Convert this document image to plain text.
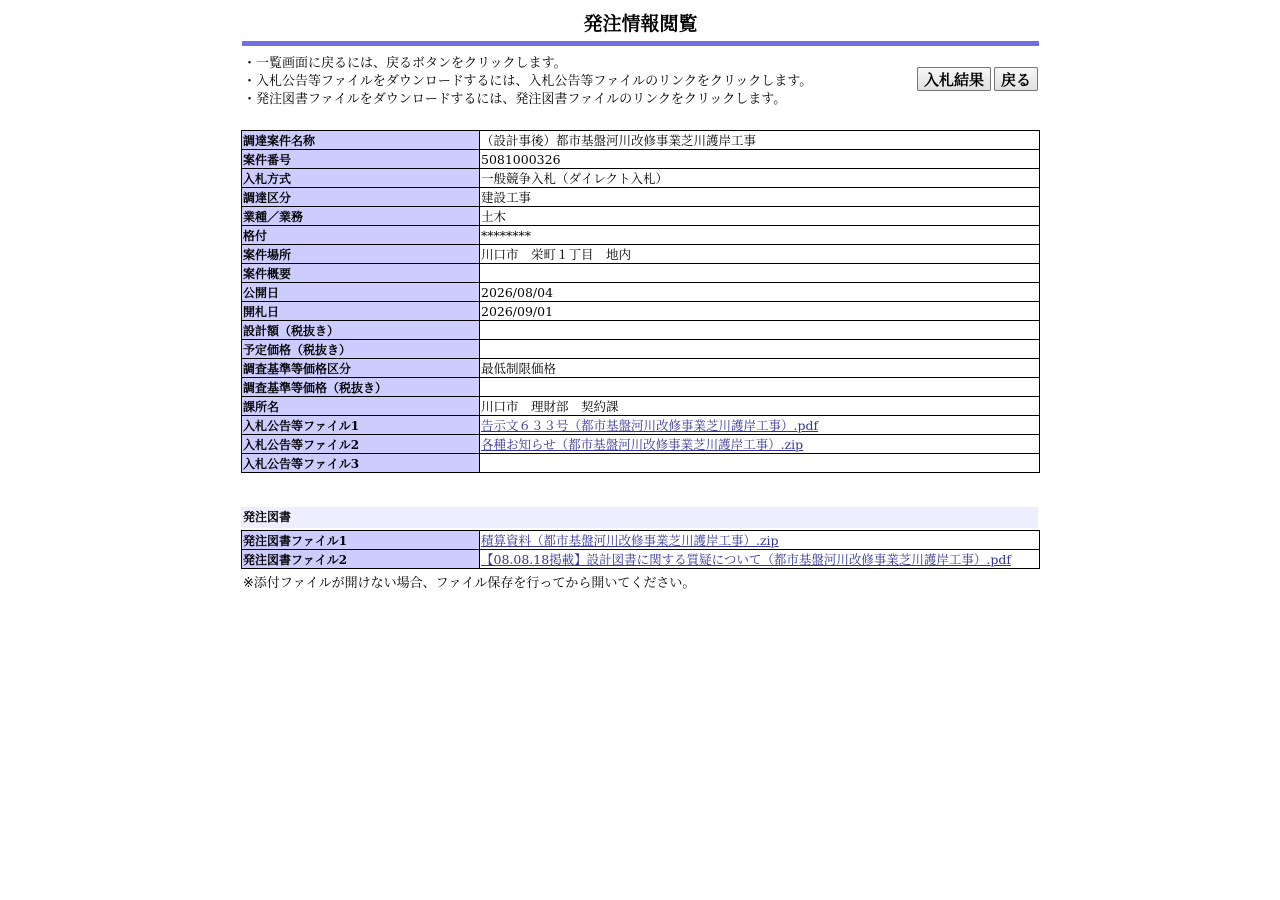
発注情報閲覧
・一覧画面に戻るには、戻るボタンをクリックします。
・入札公告等ファイルをダウンロードするには、入札公告等ファイルのリンクをクリックします。
・発注図書ファイルをダウンロードするには、発注図書ファイルのリンクをクリックします。
入札結果	戻る
調達案件名称	（設計事後）都市基盤河川改修事業芝川護岸工事
案件番号	5081000326
入札方式	一般競争入札（ダイレクト入札）
調達区分	建設工事
業種／業務	土木
格付	********
案件場所	川口市　栄町１丁目　地内
案件概要	
公開日	2026/08/04
開札日	2026/09/01
設計額（税抜き）	
予定価格（税抜き）	
調査基準等価格区分	最低制限価格
調査基準等価格（税抜き）	
課所名	川口市　理財部　契約課
入札公告等ファイル1	告示文６３３号（都市基盤河川改修事業芝川護岸工事）.pdf
入札公告等ファイル2	各種お知らせ（都市基盤河川改修事業芝川護岸工事）.zip
入札公告等ファイル3	
発注図書
発注図書ファイル1	積算資料（都市基盤河川改修事業芝川護岸工事）.zip
発注図書ファイル2	【08.08.18掲載】設計図書に関する質疑について（都市基盤河川改修事業芝川護岸工事）.pdf
※添付ファイルが開けない場合、ファイル保存を行ってから開いてください。
